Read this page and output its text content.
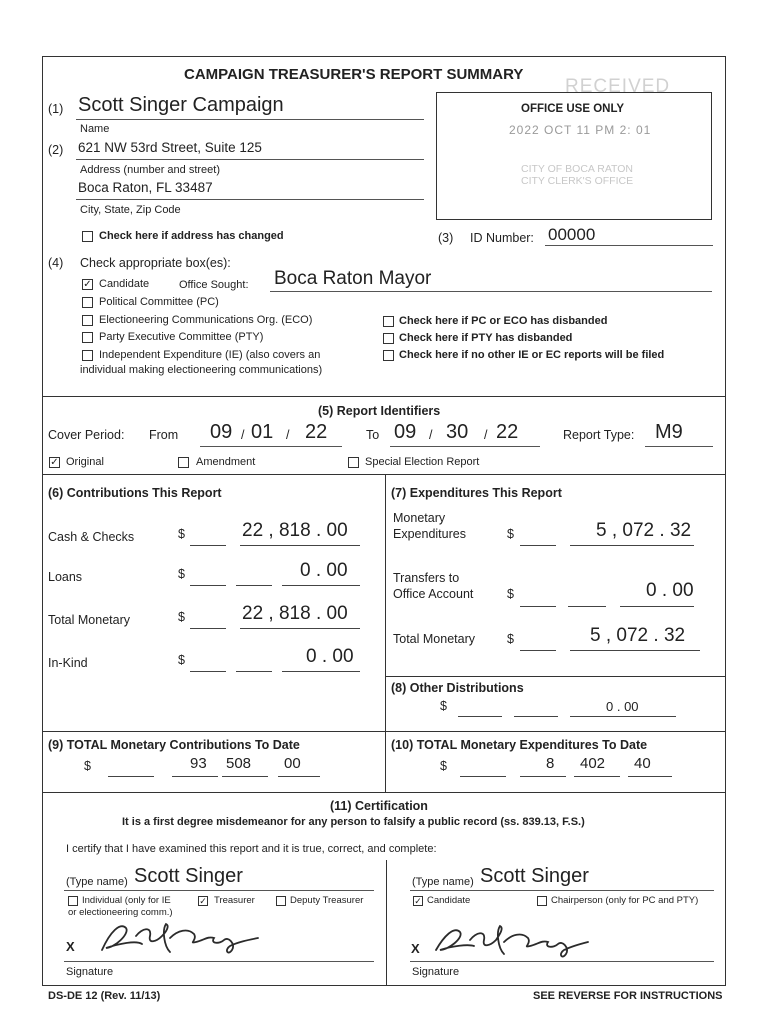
CAMPAIGN TREASURER'S REPORT SUMMARY
RECEIVED
OFFICE USE ONLY
2022 OCT 11 PM 2: 01
CITY OF BOCA RATON
CITY CLERK'S OFFICE
(1) Scott Singer Campaign
Name
(2) 621 NW 53rd Street, Suite 125
Address (number and street)
Boca Raton, FL 33487
City, State, Zip Code
Check here if address has changed	(3) ID Number: 00000
(4) Check appropriate box(es):
✓ Candidate	Office Sought: Boca Raton Mayor
Political Committee (PC)
Electioneering Communications Org. (ECO)
Party Executive Committee (PTY)
Independent Expenditure (IE) (also covers an
individual making electioneering communications)
Check here if PC or ECO has disbanded
Check here if PTY has disbanded
Check here if no other IE or EC reports will be filed
(5) Report Identifiers
Cover Period: From 09 / 01 / 22	To 09 / 30 / 22	Report Type: M9
✓ Original	Amendment	Special Election Report
(6) Contributions This Report
Cash & Checks	$	22 , 818 . 00
Loans	$	0 . 00
Total Monetary	$	22 , 818 . 00
In-Kind	$	0 . 00
(7) Expenditures This Report
Monetary
Expenditures	$	5 , 072 . 32
Transfers to
Office Account	$	0 . 00
Total Monetary	$	5 , 072 . 32
(8) Other Distributions
$	0 . 00
(9) TOTAL Monetary Contributions To Date
$	93 508 00
(10) TOTAL Monetary Expenditures To Date
$	8 402 40
(11) Certification
It is a first degree misdemeanor for any person to falsify a public record (ss. 839.13, F.S.)
I certify that I have examined this report and it is true, correct, and complete:
(Type name) Scott Singer
Individual (only for IE
or electioneering comm.)
✓ Treasurer	Deputy Treasurer
X
Signature
(Type name) Scott Singer
✓ Candidate	Chairperson (only for PC and PTY)
X
Signature
DS-DE 12 (Rev. 11/13)	SEE REVERSE FOR INSTRUCTIONS
